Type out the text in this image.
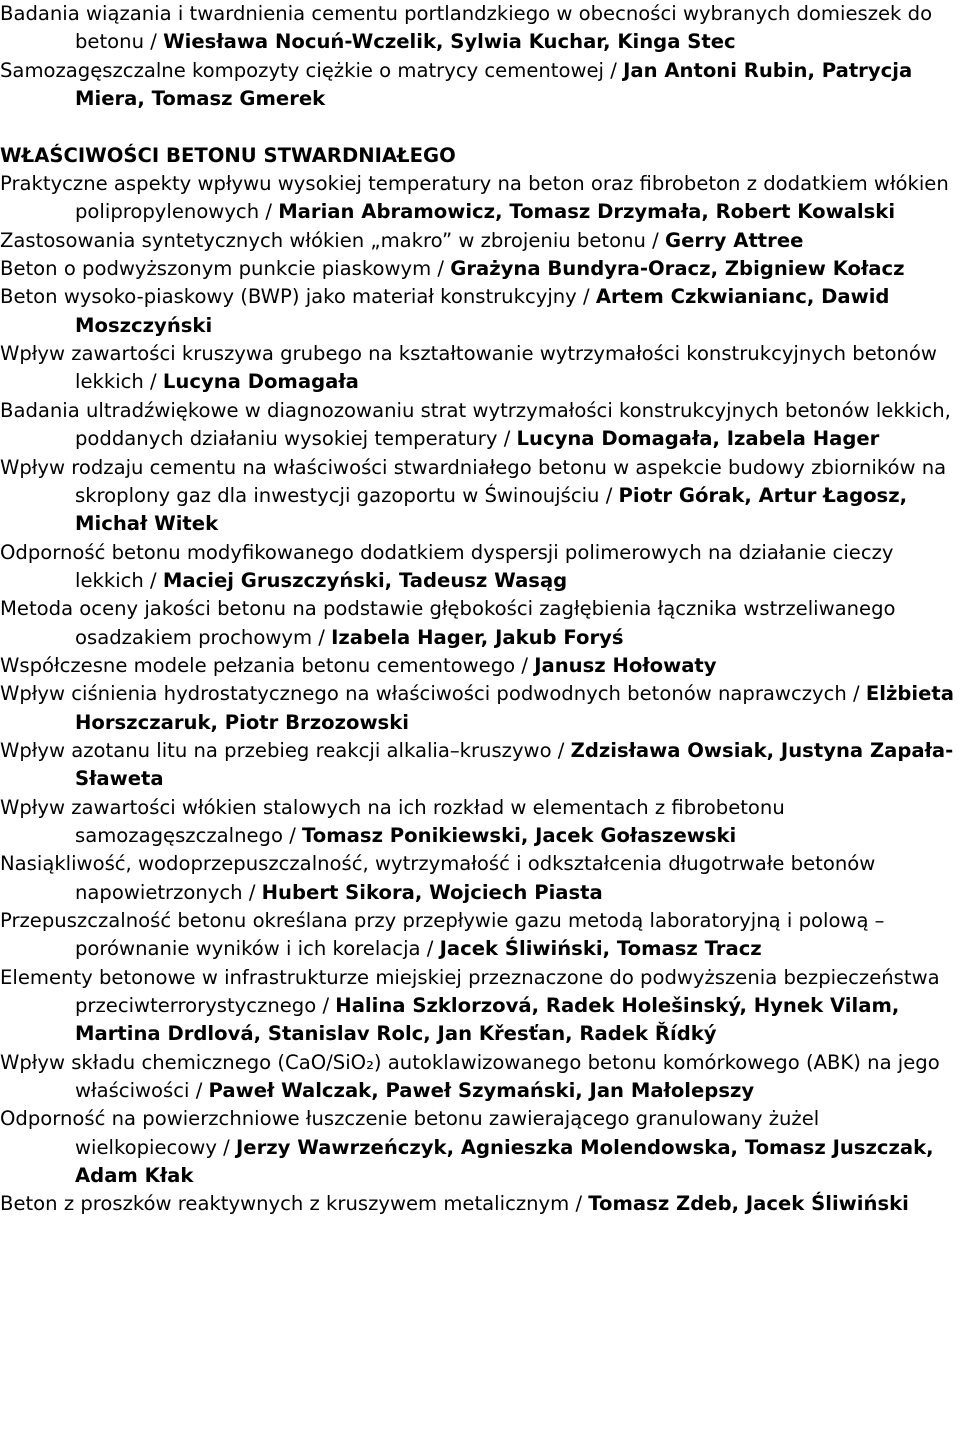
Badania wiązania i twardnienia cementu portlandzkiego w obecności wybranych domieszek do betonu / Wiesława Nocuń-Wczelik, Sylwia Kuchar, Kinga Stec

Samozagęszczalne kompozyty ciężkie o matrycy cementowej / Jan Antoni Rubin, Patrycja Miera, Tomasz Gmerek

WŁAŚCIWOŚCI BETONU STWARDNIAŁEGO

Praktyczne aspekty wpływu wysokiej temperatury na beton oraz fibrobeton z dodatkiem włókien polipropylenowych / Marian Abramowicz, Tomasz Drzymała, Robert Kowalski

Zastosowania syntetycznych włókien „makro” w zbrojeniu betonu / Gerry Attree

Beton o podwyższonym punkcie piaskowym / Grażyna Bundyra-Oracz, Zbigniew Kołacz

Beton wysoko-piaskowy (BWP) jako materiał konstrukcyjny / Artem Czkwianianc, Dawid Moszczyński

Wpływ zawartości kruszywa grubego na kształtowanie wytrzymałości konstrukcyjnych betonów lekkich / Lucyna Domagała

Badania ultradźwiękowe w diagnozowaniu strat wytrzymałości konstrukcyjnych betonów lekkich, poddanych działaniu wysokiej temperatury / Lucyna Domagała, Izabela Hager

Wpływ rodzaju cementu na właściwości stwardniałego betonu w aspekcie budowy zbiorników na skroplony gaz dla inwestycji gazoportu w Świnoujściu / Piotr Górak, Artur Łagosz, Michał Witek

Odporność betonu modyfikowanego dodatkiem dyspersji polimerowych na działanie cieczy lekkich / Maciej Gruszczyński, Tadeusz Wasąg

Metoda oceny jakości betonu na podstawie głębokości zagłębienia łącznika wstrzeliwanego osadzakiem prochowym / Izabela Hager, Jakub Foryś

Współczesne modele pełzania betonu cementowego / Janusz Hołowaty

Wpływ ciśnienia hydrostatycznego na właściwości podwodnych betonów naprawczych / Elżbieta Horszczaruk, Piotr Brzozowski

Wpływ azotanu litu na przebieg reakcji alkalia–kruszywo / Zdzisława Owsiak, Justyna Zapała-Sławeta

Wpływ zawartości włókien stalowych na ich rozkład w elementach z fibrobetonu samozagęszczalnego / Tomasz Ponikiewski, Jacek Gołaszewski

Nasiąkliwość, wodoprzepuszczalność, wytrzymałość i odkształcenia długotrwałe betonów napowietrzonych / Hubert Sikora, Wojciech Piasta

Przepuszczalność betonu określana przy przepływie gazu metodą laboratoryjną i polową – porównanie wyników i ich korelacja / Jacek Śliwiński, Tomasz Tracz

Elementy betonowe w infrastrukturze miejskiej przeznaczone do podwyższenia bezpieczeństwa przeciwterrorystycznego / Halina Szklorzová, Radek Holešinský, Hynek Vilam, Martina Drdlová, Stanislav Rolc, Jan Křesťan, Radek Řídký

Wpływ składu chemicznego (CaO/SiO₂) autoklawizowanego betonu komórkowego (ABK) na jego właściwości / Paweł Walczak, Paweł Szymański, Jan Małolepszy

Odporność na powierzchniowe łuszczenie betonu zawierającego granulowany żużel wielkopiecowy / Jerzy Wawrzeńczyk, Agnieszka Molendowska, Tomasz Juszczak, Adam Kłak

Beton z proszków reaktywnych z kruszywem metalicznym / Tomasz Zdeb, Jacek Śliwiński
